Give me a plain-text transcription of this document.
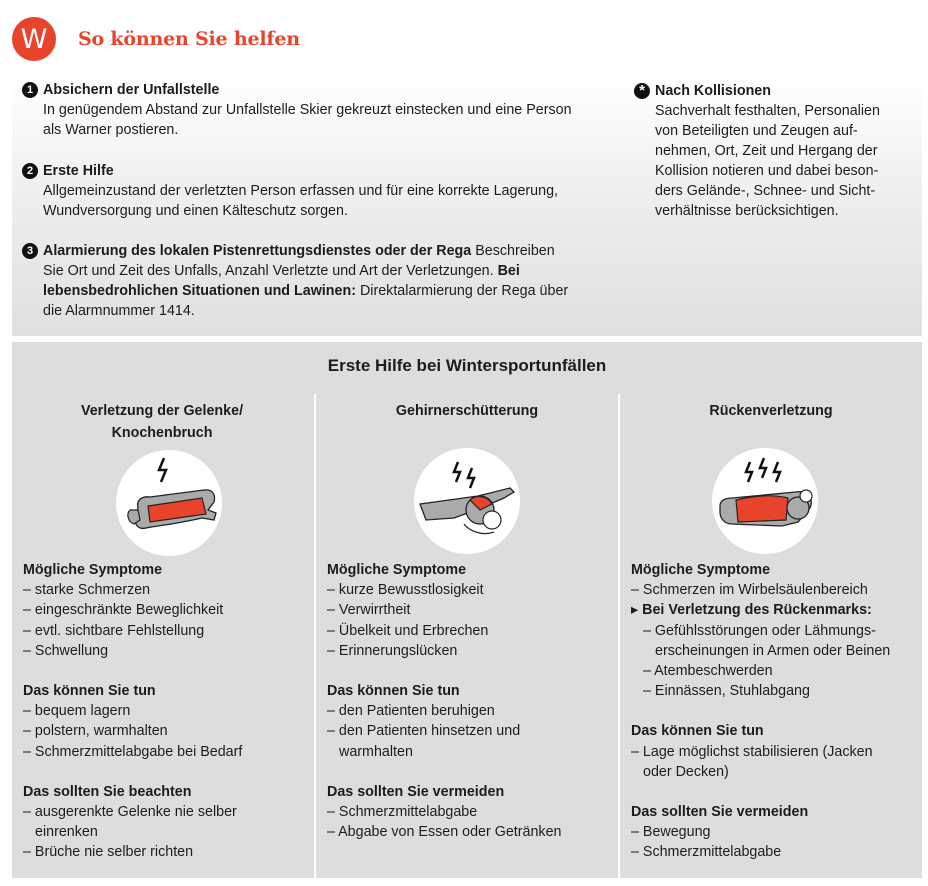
W	So können Sie helfen
1 Absichern der Unfallstelle
In genügendem Abstand zur Unfallstelle Skier gekreuzt einstecken und eine Person
als Warner postieren.
2 Erste Hilfe
Allgemeinzustand der verletzten Person erfassen und für eine korrekte Lagerung,
Wundversorgung und einen Kälteschutz sorgen.
3 Alarmierung des lokalen Pistenrettungsdienstes oder der Rega Beschreiben
Sie Ort und Zeit des Unfalls, Anzahl Verletzte und Art der Verletzungen. Bei
lebensbedrohlichen Situationen und Lawinen: Direktalarmierung der Rega über
die Alarmnummer 1414.
* Nach Kollisionen
Sachverhalt festhalten, Personalien
von Beteiligten und Zeugen auf-
nehmen, Ort, Zeit und Hergang der
Kollision notieren und dabei beson-
ders Gelände-, Schnee- und Sicht-
verhältnisse berücksichtigen.
Erste Hilfe bei Wintersportunfällen
Verletzung der Gelenke/
Knochenbruch
Mögliche Symptome
– starke Schmerzen
– eingeschränkte Beweglichkeit
– evtl. sichtbare Fehlstellung
– Schwellung
Das können Sie tun
– bequem lagern
– polstern, warmhalten
– Schmerzmittelabgabe bei Bedarf
Das sollten Sie beachten
– ausgerenkte Gelenke nie selber
einrenken
– Brüche nie selber richten
Gehirnerschütterung
Mögliche Symptome
– kurze Bewusstlosigkeit
– Verwirrtheit
– Übelkeit und Erbrechen
– Erinnerungslücken
Das können Sie tun
– den Patienten beruhigen
– den Patienten hinsetzen und
warmhalten
Das sollten Sie vermeiden
– Schmerzmittelabgabe
– Abgabe von Essen oder Getränken
Rückenverletzung
Mögliche Symptome
– Schmerzen im Wirbelsäulenbereich
▸ Bei Verletzung des Rückenmarks:
– Gefühlsstörungen oder Lähmungs-
erscheinungen in Armen oder Beinen
– Atembeschwerden
– Einnässen, Stuhlabgang
Das können Sie tun
– Lage möglichst stabilisieren (Jacken
oder Decken)
Das sollten Sie vermeiden
– Bewegung
– Schmerzmittelabgabe
